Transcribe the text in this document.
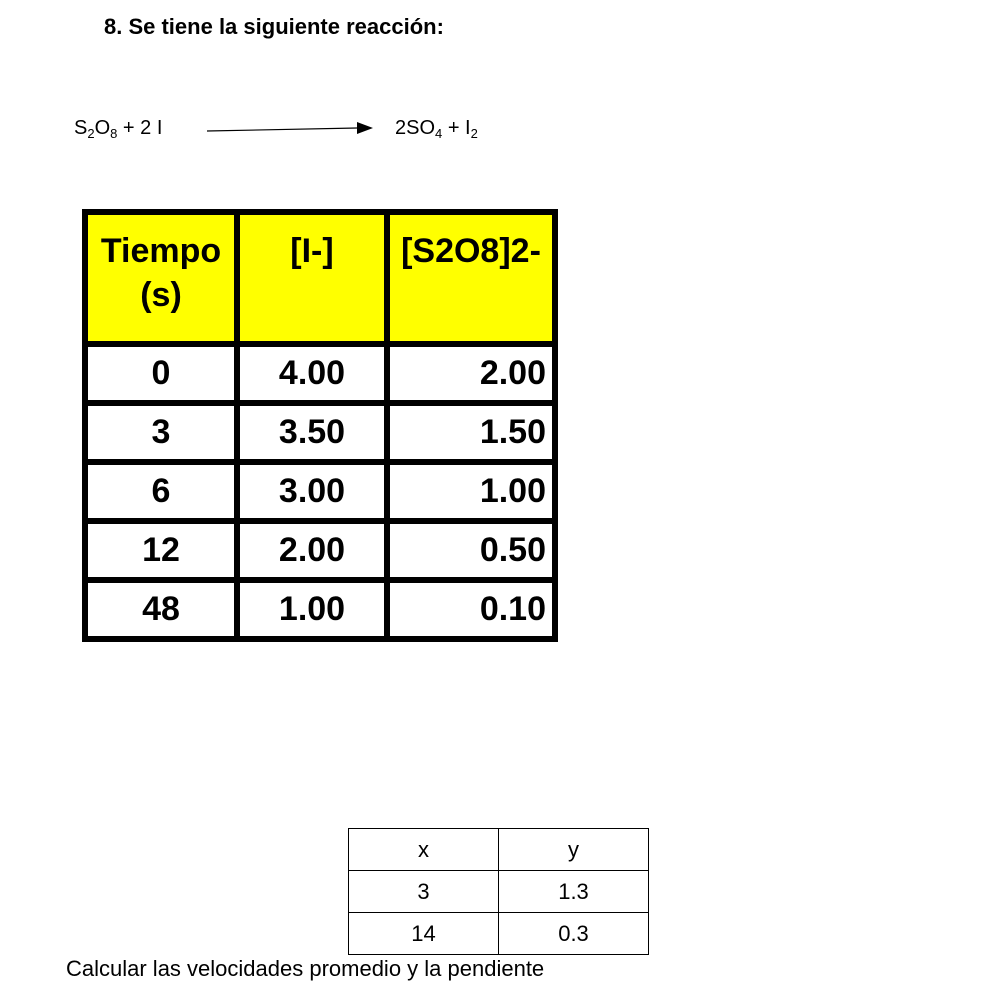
8. Se tiene la siguiente reacción:
$S_2O_8 + 2$ I	$2SO_4 + I_2$
Tiempo (s)	[I-]	[S2O8]2-
0	4.00	2.00
3	3.50	1.50
6	3.00	1.00
12	2.00	0.50
48	1.00	0.10
x	y
3	1.3
14	0.3
Calcular las velocidades promedio y la pendiente
